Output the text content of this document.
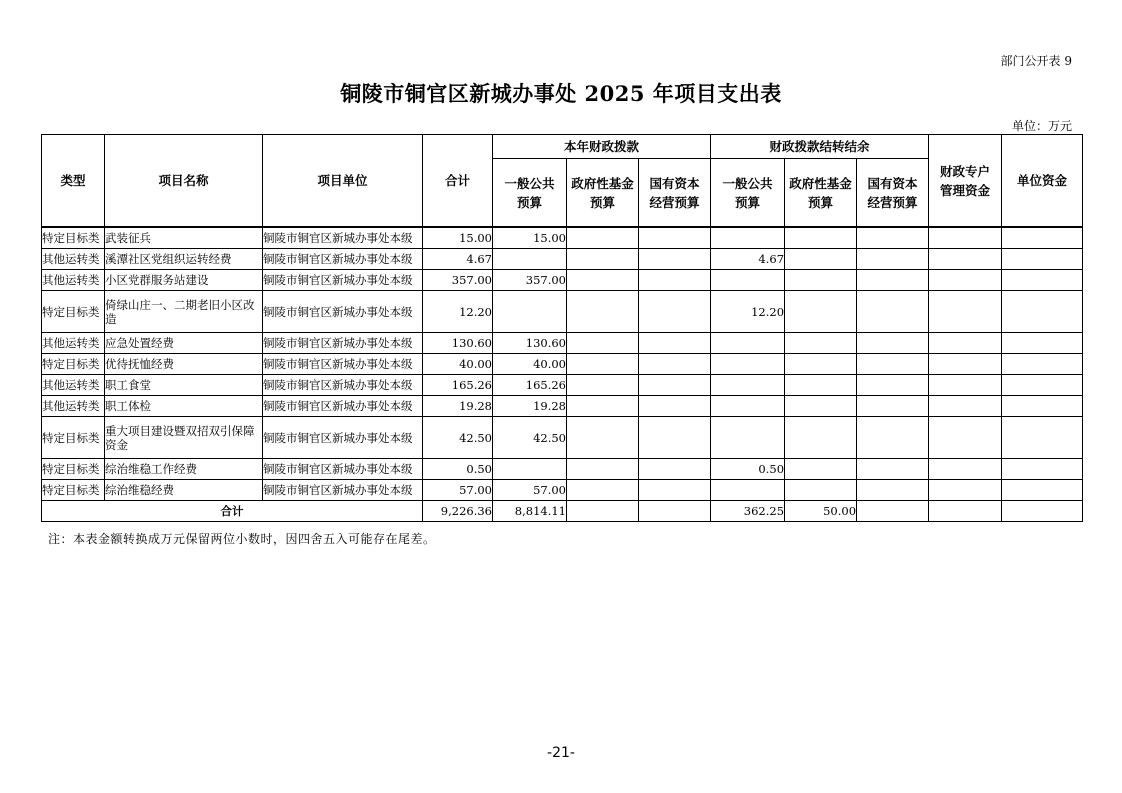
部门公开表 9
铜陵市铜官区新城办事处 2025 年项目支出表
单位：万元
类型	项目名称	项目单位	合计	本年财政拨款			财政拨款结转结余			财政专户管理资金	单位资金
				一般公共预算	政府性基金预算	国有资本经营预算	一般公共预算	政府性基金预算	国有资本经营预算		

特定目标类	武装征兵	铜陵市铜官区新城办事处本级	15.00	15.00							
其他运转类	溪潭社区党组织运转经费	铜陵市铜官区新城办事处本级	4.67				4.67				
其他运转类	小区党群服务站建设	铜陵市铜官区新城办事处本级	357.00	357.00							
特定目标类	倚绿山庄一、二期老旧小区改造	铜陵市铜官区新城办事处本级	12.20				12.20				
其他运转类	应急处置经费	铜陵市铜官区新城办事处本级	130.60	130.60							
特定目标类	优待抚恤经费	铜陵市铜官区新城办事处本级	40.00	40.00							
其他运转类	职工食堂	铜陵市铜官区新城办事处本级	165.26	165.26							
其他运转类	职工体检	铜陵市铜官区新城办事处本级	19.28	19.28							
特定目标类	重大项目建设暨双招双引保障资金	铜陵市铜官区新城办事处本级	42.50	42.50							
特定目标类	综治维稳工作经费	铜陵市铜官区新城办事处本级	0.50				0.50				
特定目标类	综治维稳经费	铜陵市铜官区新城办事处本级	57.00	57.00							
合计			9,226.36	8,814.11			362.25	50.00			
注：本表金额转换成万元保留两位小数时，因四舍五入可能存在尾差。
-21-
